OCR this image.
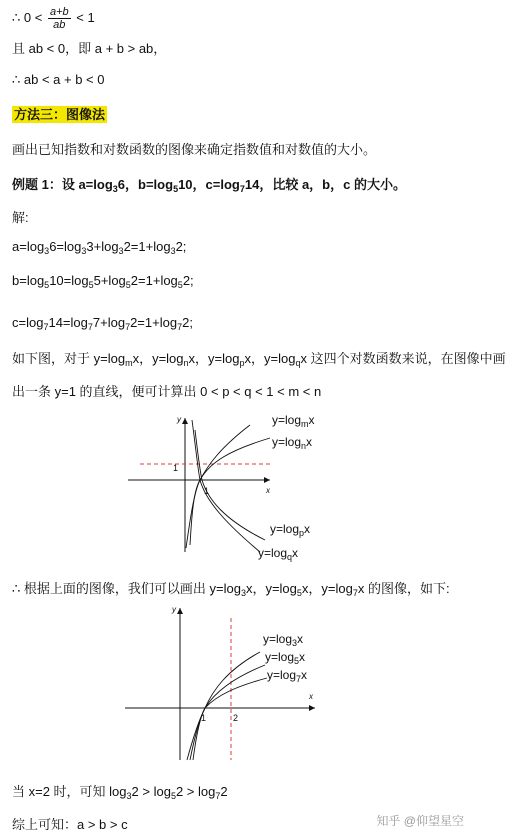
∴ $0 < \frac{a+b}{ab} < 1$
且 ab < 0，即 a + b > ab，
∴ ab < a + b < 0
方法三：图像法
画出已知指数和对数函数的图像来确定指数值和对数值的大小。
例题 1：设 $a=\log_36$，$b=\log_510$，$c=\log_714$，比较 a，b，c 的大小。
解:
$a=\log_36=\log_33+\log_32=1+\log_32$;
$b=\log_510=\log_55+\log_52=1+\log_52$;
$c=\log_714=\log_77+\log_72=1+\log_72$;
如下图，对于 $y=\log_mx$，$y=\log_nx$，$y=\log_px$，$y=\log_qx$ 这四个对数函数来说，在图像中画
出一条 y=1 的直线，便可计算出 0 < p < q < 1 < m < n
y
x
1
1
$y=\log_mx$
$y=\log_nx$
$y=\log_px$
$y=\log_qx$
∴ 根据上面的图像，我们可以画出 $y=\log_3x$，$y=\log_5x$，$y=\log_7x$ 的图像，如下:
y
x
1	2
$y=\log_3x$
$y=\log_5x$
$y=\log_7x$
当 x=2 时，可知 $\log_32 > \log_52 > \log_72$
综上可知：a > b > c	知乎 @仰望星空
